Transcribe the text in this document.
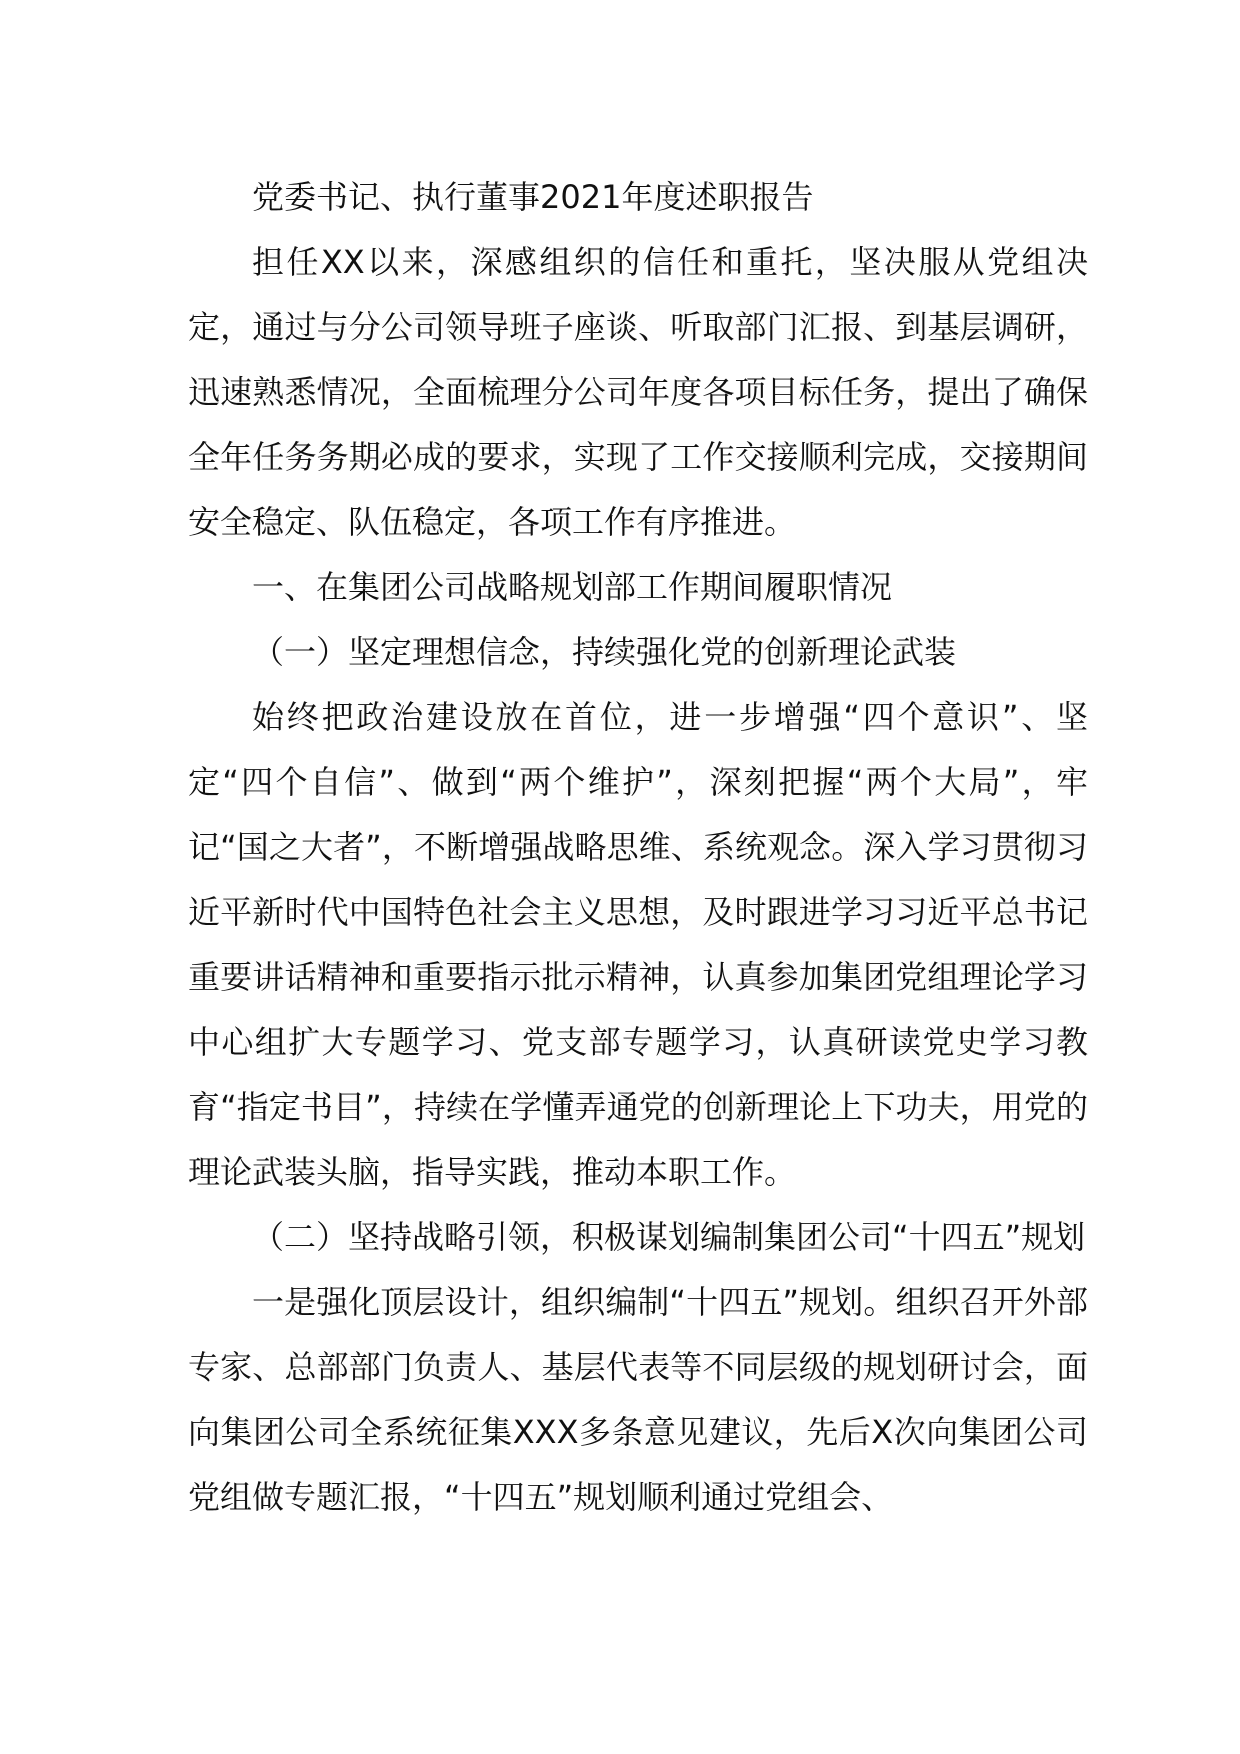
党委书记、执行董事2021年度述职报告

担任XX以来，深感组织的信任和重托，坚决服从党组决定，通过与分公司领导班子座谈、听取部门汇报、到基层调研，迅速熟悉情况，全面梳理分公司年度各项目标任务，提出了确保全年任务务期必成的要求，实现了工作交接顺利完成，交接期间安全稳定、队伍稳定，各项工作有序推进。

一、在集团公司战略规划部工作期间履职情况

（一）坚定理想信念，持续强化党的创新理论武装

始终把政治建设放在首位，进一步增强“四个意识”、坚定“四个自信”、做到“两个维护”，深刻把握“两个大局”，牢记“国之大者”，不断增强战略思维、系统观念。深入学习贯彻习近平新时代中国特色社会主义思想，及时跟进学习习近平总书记重要讲话精神和重要指示批示精神，认真参加集团党组理论学习中心组扩大专题学习、党支部专题学习，认真研读党史学习教育“指定书目”，持续在学懂弄通党的创新理论上下功夫，用党的理论武装头脑，指导实践，推动本职工作。

（二）坚持战略引领，积极谋划编制集团公司“十四五”规划

一是强化顶层设计，组织编制“十四五”规划。组织召开外部专家、总部部门负责人、基层代表等不同层级的规划研讨会，面向集团公司全系统征集XXX多条意见建议，先后X次向集团公司党组做专题汇报，“十四五”规划顺利通过党组会、
